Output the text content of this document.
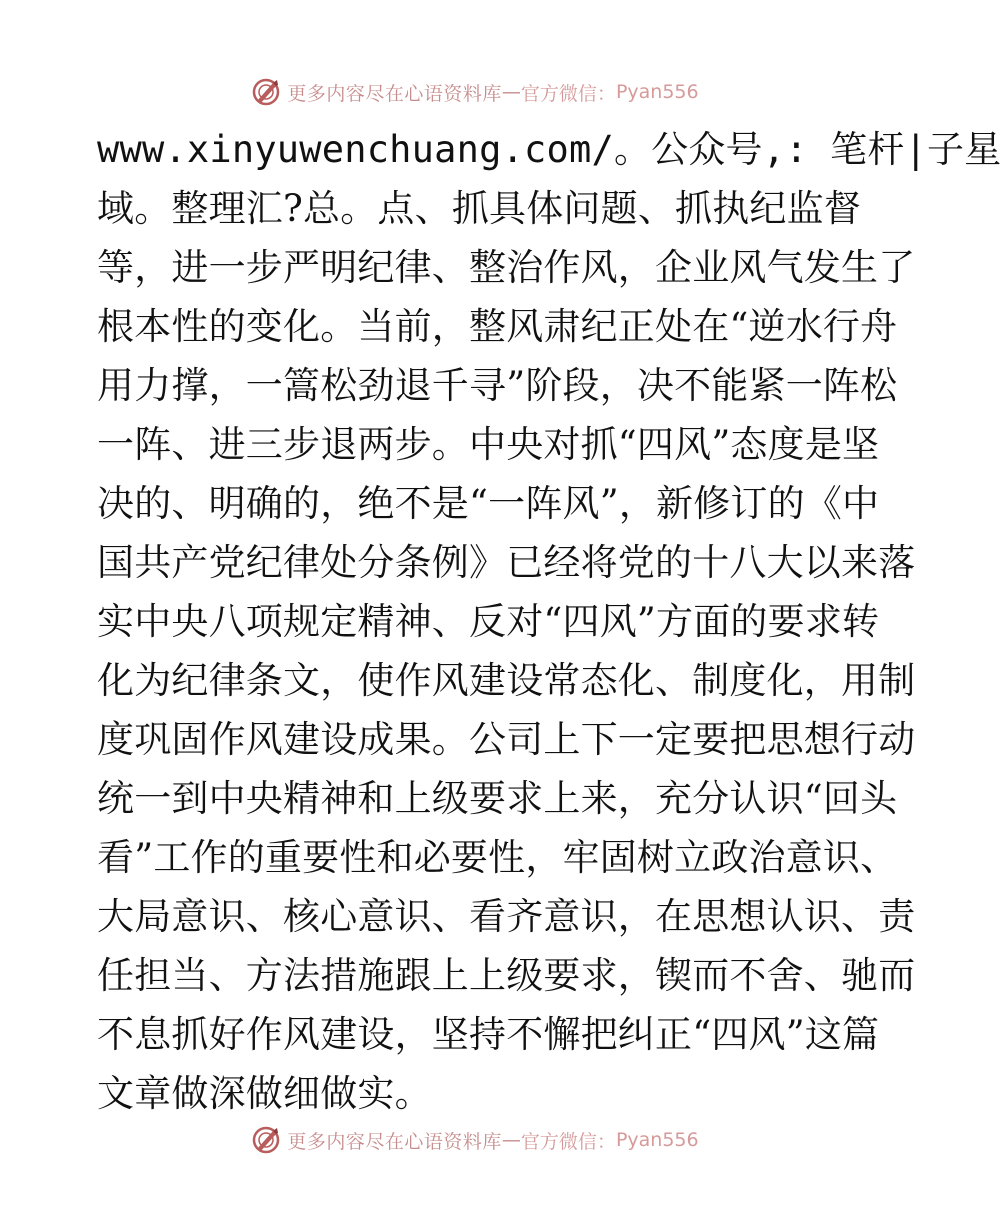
更多内容尽在心语资料库 — 官方微信： Pyan556
www.xinyuwenchuang.com/。公众号,: 笔杆|子星
域。整理汇?总。点、抓具体问题、抓执纪监督
等，进一步严明纪律、整治作风，企业风气发生了
根本性的变化。当前，整风肃纪正处在“逆水行舟
用力撑，一篙松劲退千寻”阶段，决不能紧一阵松
一阵、进三步退两步。中央对抓“四风”态度是坚
决的、明确的，绝不是“一阵风”，新修订的《中
国共产党纪律处分条例》已经将党的十八大以来落
实中央八项规定精神、反对“四风”方面的要求转
化为纪律条文，使作风建设常态化、制度化，用制
度巩固作风建设成果。公司上下一定要把思想行动
统一到中央精神和上级要求上来，充分认识“回头
看”工作的重要性和必要性，牢固树立政治意识、
大局意识、核心意识、看齐意识，在思想认识、责
任担当、方法措施跟上上级要求，锲而不舍、驰而
不息抓好作风建设，坚持不懈把纠正“四风”这篇
文章做深做细做实。
更多内容尽在心语资料库 — 官方微信： Pyan556
